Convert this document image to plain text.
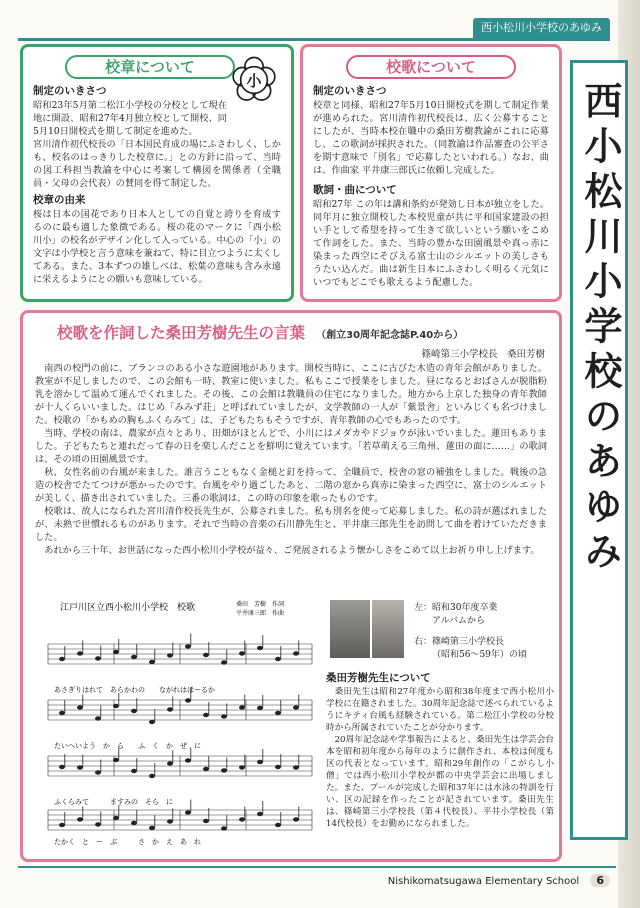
西小松川小学校のあゆみ
校章について
小
制定のいきさつ

昭和23年5月第二松江小学校の分校として現在地に開設、昭和27年4月独立校として開校、同5月10日開校式を期して制定を進めた。

宮川清作初代校長の「日本国民育成の場にふさわしく、しかも、校名のはっきりした校章に。」との方針に沿って、当時の図工科担当教諭を中心に考案して構図を関係者（全職員・父母の会代表）の賛同を得て制定した。

校章の由来

桜は日本の国花であり日本人としての自覚と誇りを育成するのに最も適した象徴である。桜の花のマークに「西小松川小」の校名がデザイン化して入っている。中心の「小」の文字は小学校と言う意味を兼ねて、特に目立つように太くしてある。また、3本ずつの雄しべは、松葉の意味も含み永遠に栄えるようにとの願いも意味している。

校歌について
制定のいきさつ

校章と同様、昭和27年5月10日開校式を期して制定作業が進められた。宮川清作初代校長は、広く公募することにしたが、当時本校在職中の桑田芳樹教諭がこれに応募し、この歌詞が採択された。（同教諭は作品審査の公平さを期す意味で「別名」で応募したといわれる。）なお、曲は、作曲家 平井康三郎氏に依頼し完成した。

歌詞・曲について

昭和27年 この年は講和条約が発効し日本が独立をした。同年月に独立開校した本校児童が共に平和国家建設の担い手として希望を持って生きて欲しいという願いをこめて作詞をした。また、当時の豊かな田園風景や真っ赤に染まった西空にそびえる富士山のシルエットの美しさもうたい込んだ。曲は新生日本にふさわしく明るく元気にいつでもどこでも歌えるよう配慮した。

校歌を作詞した桑田芳樹先生の言葉 （創立30周年記念誌P.40から）
篠崎第三小学校長　桑田芳樹

南西の校門の前に、ブランコのある小さな遊園地があります。開校当時に、ここに古びた木造の青年会館がありました。教室が不足しましたので、この会館も一時、教室に使いました。私もここで授業をしました。昼になるとおばさんが脱脂粉乳を溶かして温めて運んでくれました。その後、この会館は教職員の住宅になりました。地方から上京した独身の青年教師が十人くらいいました。はじめ「みみず荘」と呼ばれていましたが、文学教師の一人が「紫景舎」といみじくも名づけました。校歌の「かもめの胸もふくらみて」は、子どもたちもそうですが、青年教師の心でもあったのです。

当時、学校の南は、農家が点々とあり、田畑がほとんどで、小川にはメダカやドジョウが泳いでいました。蓮田もありました。子どもたちと連れだって春の日を楽しんだことを鮮明に覚えています。「若草萌える三角州、蓮田の面に……」の歌詞は、その頃の田園風景です。

秋、女性名前の台風が来ました。誰言うこともなく金槌と釘を持って、全職員で、校舎の窓の補強をしました。戦後の急造の校舎でたてつけが悪かったのです。台風をやり過ごしたあと、二階の窓から真赤に染まった西空に、富士のシルエットが美しく、描き出されていました。三番の歌詞は、この時の印象を歌ったものです。

校歌は、故人になられた宮川清作校長先生が、公募されました。私も別名を使って応募しました。私の詩が選ばれましたが、未熟で世慣れるものがあります。それで当時の音楽の石川静先生と、平井康三郎先生を訪問して曲を着けていただきました。

あれから三十年、お世話になった西小松川小学校が益々、ご発展されるよう懐かしさをこめて以上お祈り申し上げます。

江戸川区立西小松川小学校　校歌	桑田　芳樹　作詞
平井康三郎　作曲
あさぎりはれて　あらかわの　　ながれはほーるか
たいへいよう　か　ら　　ふ　く　か　ぜ　に
ふくらみて　　　ますみの　そら　に
たかく　と　ー　ぶ　　　さ　か　え　あ　れ
左：昭和30年度卒業
アルバムから
右：篠崎第三小学校長
（昭和56～59年）の頃
桑田芳樹先生について

桑田先生は昭和27年度から昭和38年度まで西小松川小学校に在籍されました。30周年記念誌で述べられているようにキティ台風も経験されている。第二松江小学校の分校時から所属されていたことが分かります。

20周年記念誌や学事報告によると、桑田先生は学芸会台本を昭和初年度から毎年のように創作され、本校は何度も区の代表となっています。昭和29年創作の「こがらし小僧」では西小松川小学校が都の中央学芸会に出場しました。また、プールが完成した昭和37年には水泳の特訓を行い、区の記録を作ったことが記されています。桑田先生は、篠崎第三小学校長（第４代校長）、平井小学校長（第14代校長）をお勤めになられました。

西小松川小学校のあゆみ
Nishikomatsugawa Elementary School 6
